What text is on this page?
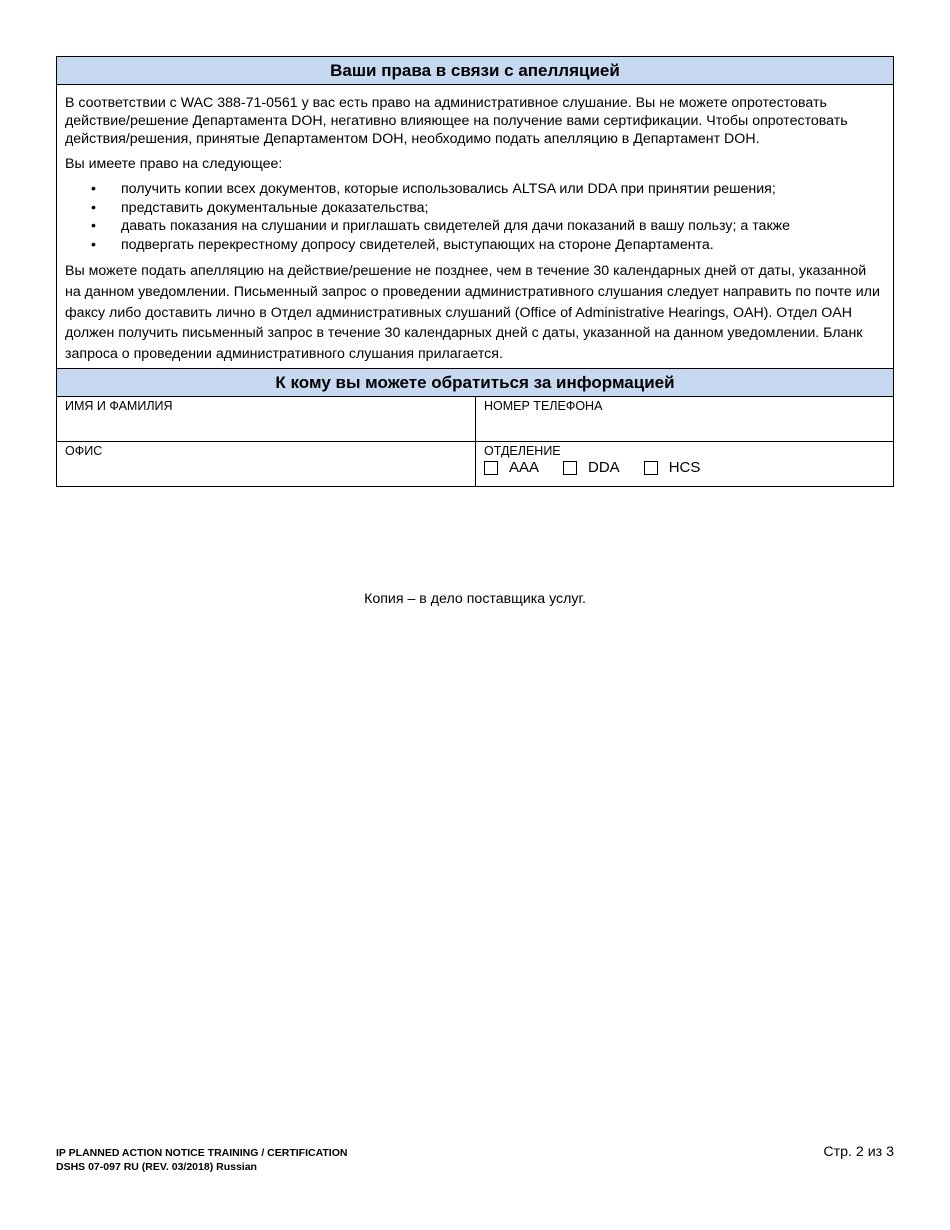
Ваши права в связи с апелляцией

В соответствии с WAC 388-71-0561 у вас есть право на административное слушание. Вы не можете опротестовать действие/решение Департамента DOH, негативно влияющее на получение вами сертификации. Чтобы опротестовать действия/решения, принятые Департаментом DOH, необходимо подать апелляцию в Департамент DOH.

Вы имеете право на следующее:

• получить копии всех документов, которые использовались ALTSA или DDA при принятии решения;
• представить документальные доказательства;
• давать показания на слушании и приглашать свидетелей для дачи показаний в вашу пользу; а также
• подвергать перекрестному допросу свидетелей, выступающих на стороне Департамента.

Вы можете подать апелляцию на действие/решение не позднее, чем в течение 30 календарных дней от даты, указанной на данном уведомлении. Письменный запрос о проведении административного слушания следует направить по почте или факсу либо доставить лично в Отдел административных слушаний (Office of Administrative Hearings, OAH). Отдел OAH должен получить письменный запрос в течение 30 календарных дней с даты, указанной на данном уведомлении. Бланк запроса о проведении административного слушания прилагается.

К кому вы можете обратиться за информацией
ИМЯ И ФАМИЛИЯ	НОМЕР ТЕЛЕФОНА
ОФИС	ОТДЕЛЕНИЕ
AAA	DDA	HCS
Копия – в дело поставщика услуг.
IP PLANNED ACTION NOTICE TRAINING / CERTIFICATION
DSHS 07-097 RU (REV. 03/2018) Russian
Стр. 2 из 3
